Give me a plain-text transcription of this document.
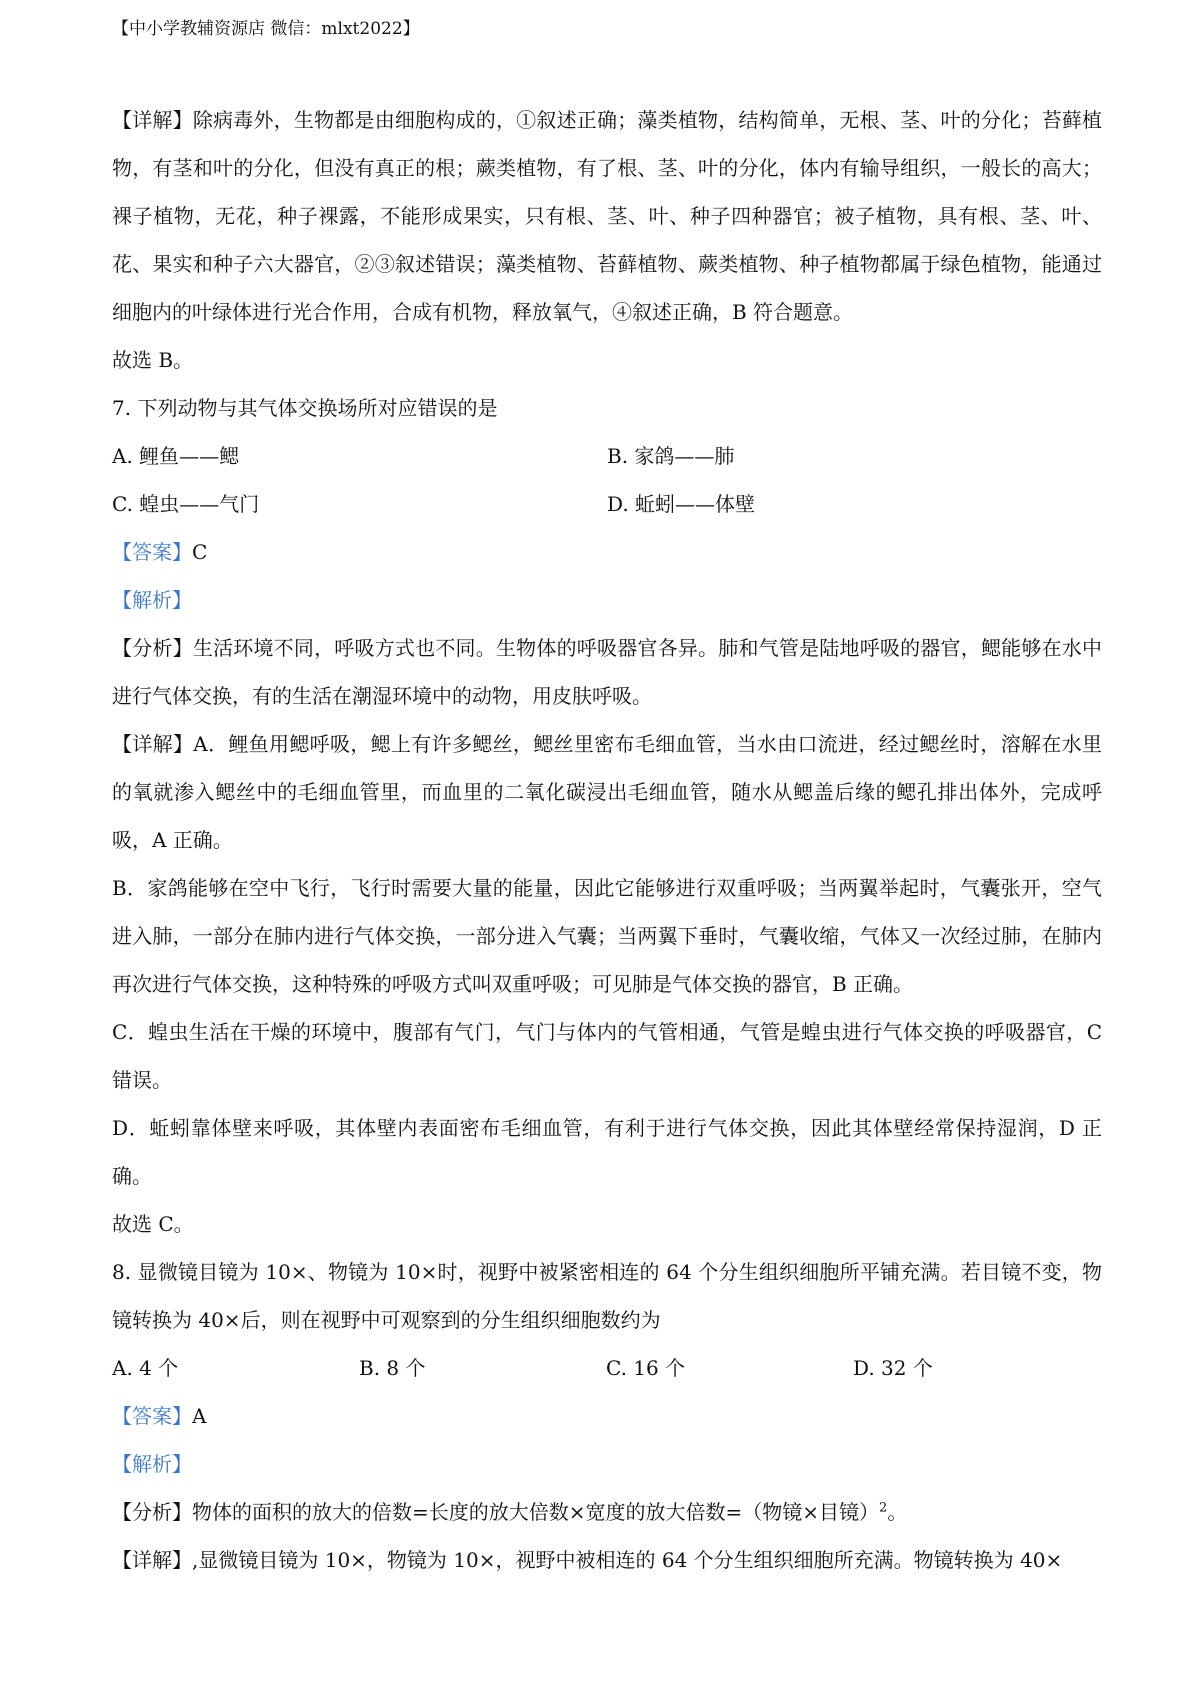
【中小学教辅资源店 微信：mlxt2022】

【详解】除病毒外，生物都是由细胞构成的，①叙述正确；藻类植物，结构简单，无根、茎、叶的分化；苔藓植物，有茎和叶的分化，但没有真正的根；蕨类植物，有了根、茎、叶的分化，体内有输导组织，一般长的高大；裸子植物，无花，种子裸露，不能形成果实，只有根、茎、叶、种子四种器官；被子植物，具有根、茎、叶、花、果实和种子六大器官，②③叙述错误；藻类植物、苔藓植物、蕨类植物、种子植物都属于绿色植物，能通过细胞内的叶绿体进行光合作用，合成有机物，释放氧气，④叙述正确，B 符合题意。

故选 B。

7. 下列动物与其气体交换场所对应错误的是

A. 鲤鱼——鳃	B. 家鸽——肺
C. 蝗虫——气门	D. 蚯蚓——体壁

【答案】C

【解析】

【分析】生活环境不同，呼吸方式也不同。生物体的呼吸器官各异。肺和气管是陆地呼吸的器官，鳃能够在水中进行气体交换，有的生活在潮湿环境中的动物，用皮肤呼吸。

【详解】A．鲤鱼用鳃呼吸，鳃上有许多鳃丝，鳃丝里密布毛细血管，当水由口流进，经过鳃丝时，溶解在水里的氧就渗入鳃丝中的毛细血管里，而血里的二氧化碳浸出毛细血管，随水从鳃盖后缘的鳃孔排出体外，完成呼吸，A 正确。

B．家鸽能够在空中飞行，飞行时需要大量的能量，因此它能够进行双重呼吸；当两翼举起时，气囊张开，空气进入肺，一部分在肺内进行气体交换，一部分进入气囊；当两翼下垂时，气囊收缩，气体又一次经过肺，在肺内再次进行气体交换，这种特殊的呼吸方式叫双重呼吸；可见肺是气体交换的器官，B 正确。

C．蝗虫生活在干燥的环境中，腹部有气门，气门与体内的气管相通，气管是蝗虫进行气体交换的呼吸器官，C 错误。

D．蚯蚓靠体壁来呼吸，其体壁内表面密布毛细血管，有利于进行气体交换，因此其体壁经常保持湿润，D 正确。

故选 C。

8. 显微镜目镜为 10×、物镜为 10×时，视野中被紧密相连的 64 个分生组织细胞所平铺充满。若目镜不变，物镜转换为 40×后，则在视野中可观察到的分生组织细胞数约为

A. 4 个	B. 8 个	C. 16 个	D. 32 个

【答案】A

【解析】

【分析】物体的面积的放大的倍数=长度的放大倍数×宽度的放大倍数=（物镜×目镜）$^2$。

【详解】,显微镜目镜为 10×，物镜为 10×，视野中被相连的 64 个分生组织细胞所充满。物镜转换为 40×
